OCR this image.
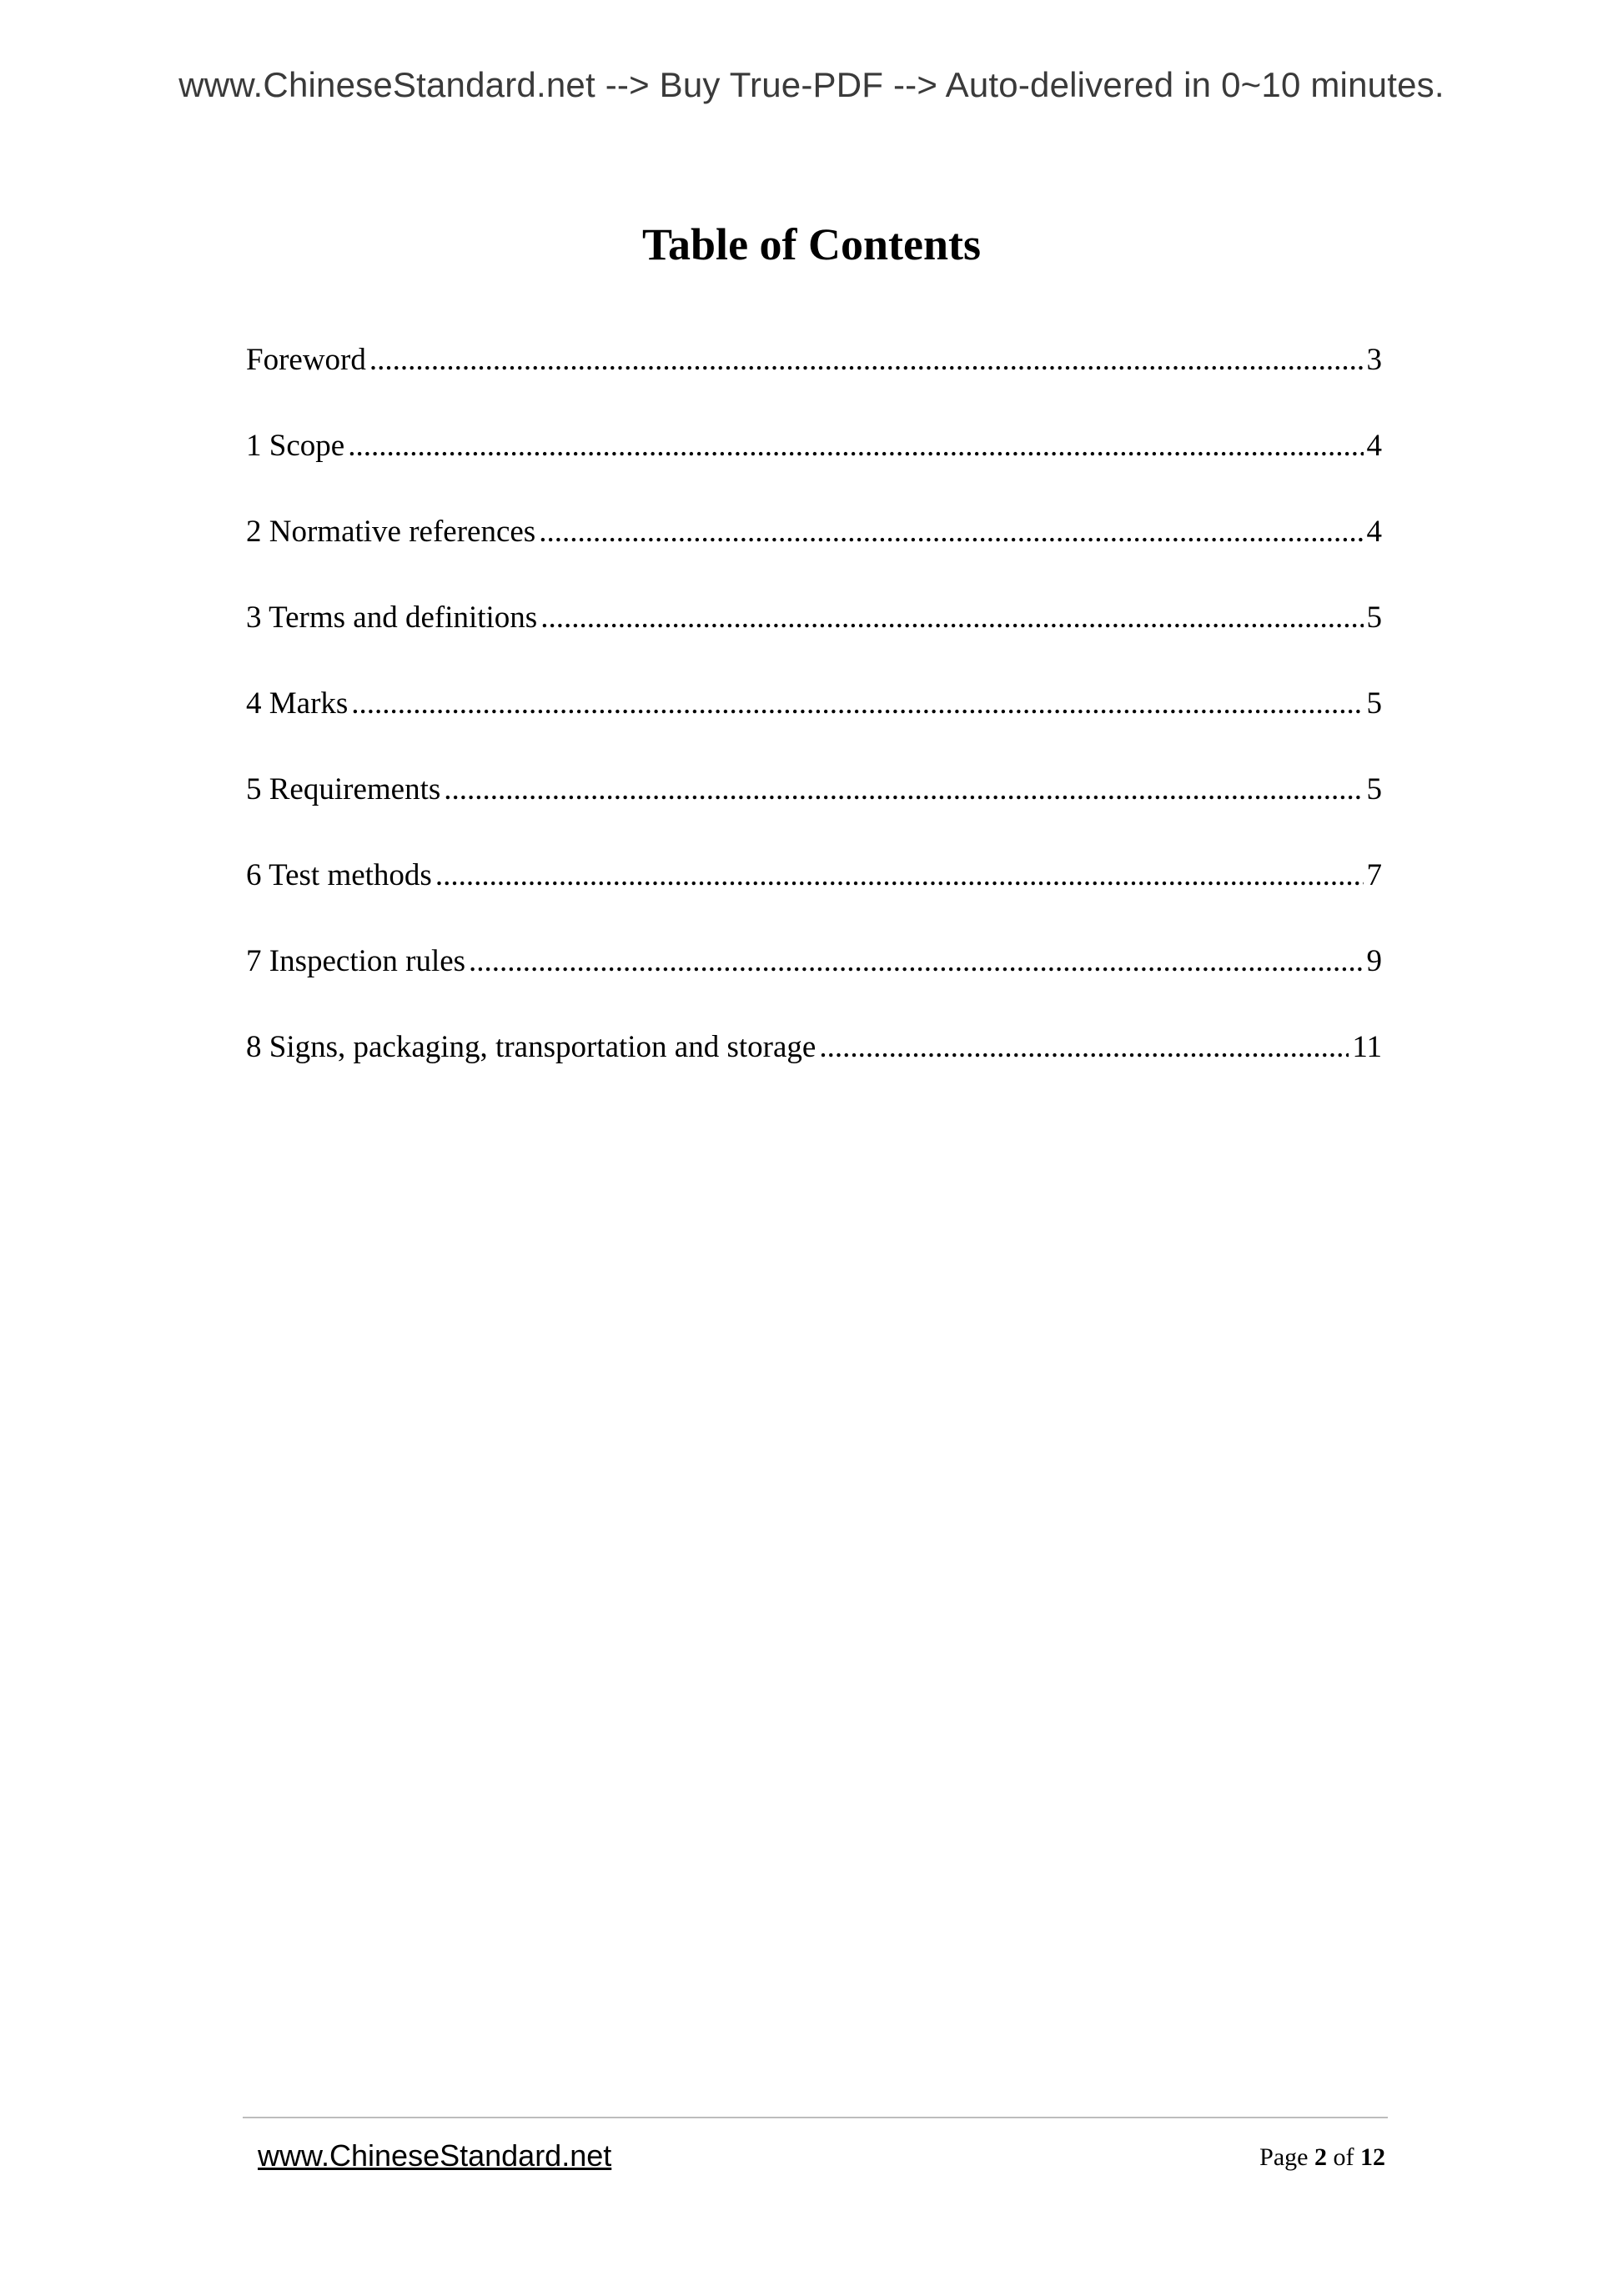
www.ChineseStandard.net --> Buy True-PDF --> Auto-delivered in 0~10 minutes.
Table of Contents
Foreword .....	3
1 Scope .....	4
2 Normative references .....	4
3 Terms and definitions .....	5
4 Marks .....	5
5 Requirements .....	5
6 Test methods .....	7
7 Inspection rules .....	9
8 Signs, packaging, transportation and storage .....	11
www.ChineseStandard.net	Page 2 of 12
